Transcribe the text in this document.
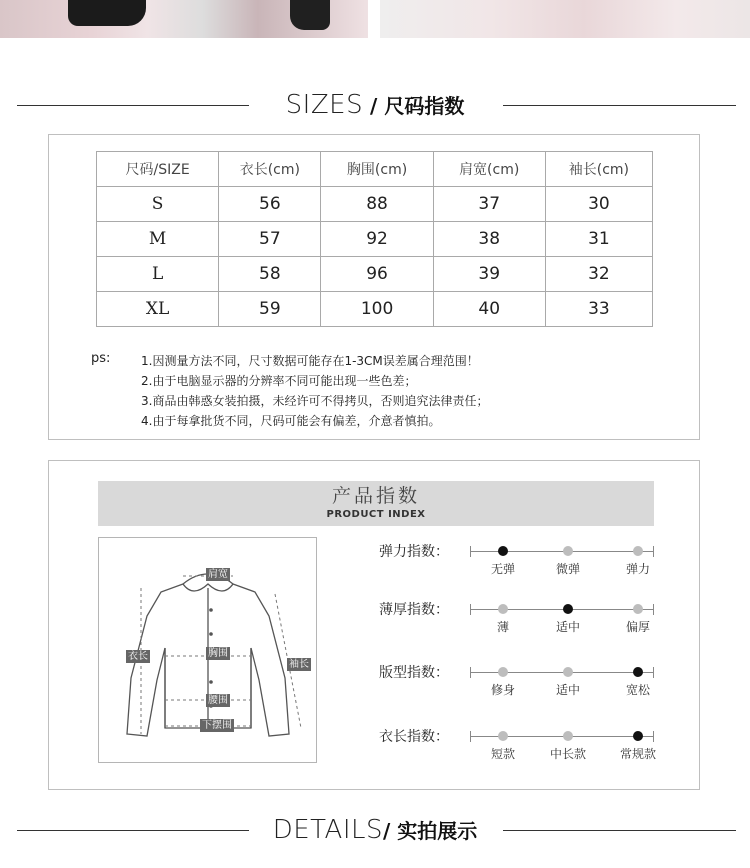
SIZES / 尺码指数
尺码/SIZE	衣长(cm)	胸围(cm)	肩宽(cm)	袖长(cm)
S	56	88	37	30
M	57	92	38	31
L	58	96	39	32
XL	59	100	40	33
ps:	1.因测量方法不同，尺寸数据可能存在1-3CM误差属合理范围！
2.由于电脑显示器的分辨率不同可能出现一些色差；
3.商品由韩惑女装拍摄，未经许可不得拷贝，否则追究法律责任；
4.由于每拿批货不同，尺码可能会有偏差，介意者慎拍。
产品指数
PRODUCT INDEX
肩宽
衣长	胸围
袖长
腰围
下摆围
弹力指数：
无弹	微弹	弹力
薄厚指数：
薄	适中	偏厚
版型指数：
修身	适中	宽松
衣长指数：
短款	中长款	常规款
DETAILS/ 实拍展示
